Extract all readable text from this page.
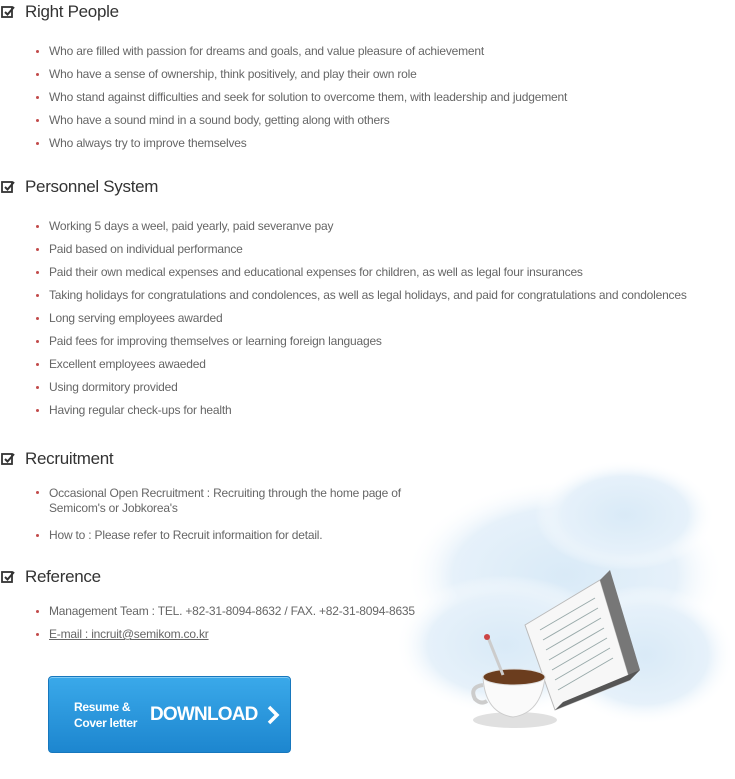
Right People
Who are filled with passion for dreams and goals, and value pleasure of achievement
Who have a sense of ownership, think positively, and play their own role
Who stand against difficulties and seek for solution to overcome them, with leadership and judgement
Who have a sound mind in a sound body, getting along with others
Who always try to improve themselves
Personnel System
Working 5 days a weel, paid yearly, paid severanve pay
Paid based on individual performance
Paid their own medical expenses and educational expenses for children, as well as legal four insurances
Taking holidays for congratulations and condolences, as well as legal holidays, and paid for congratulations and condolences
Long serving employees awarded
Paid fees for improving themselves or learning foreign languages
Excellent employees awaeded
Using dormitory provided
Having regular check-ups for health
Recruitment
Occasional Open Recruitment : Recruiting through the home page of Semicom's or Jobkorea's
How to : Please refer to Recruit informaition for detail.
Reference
Management Team : TEL. +82-31-8094-8632 / FAX. +82-31-8094-8635
E-mail : incruit@semikom.co.kr
Resume &
Cover letter DOWNLOAD
